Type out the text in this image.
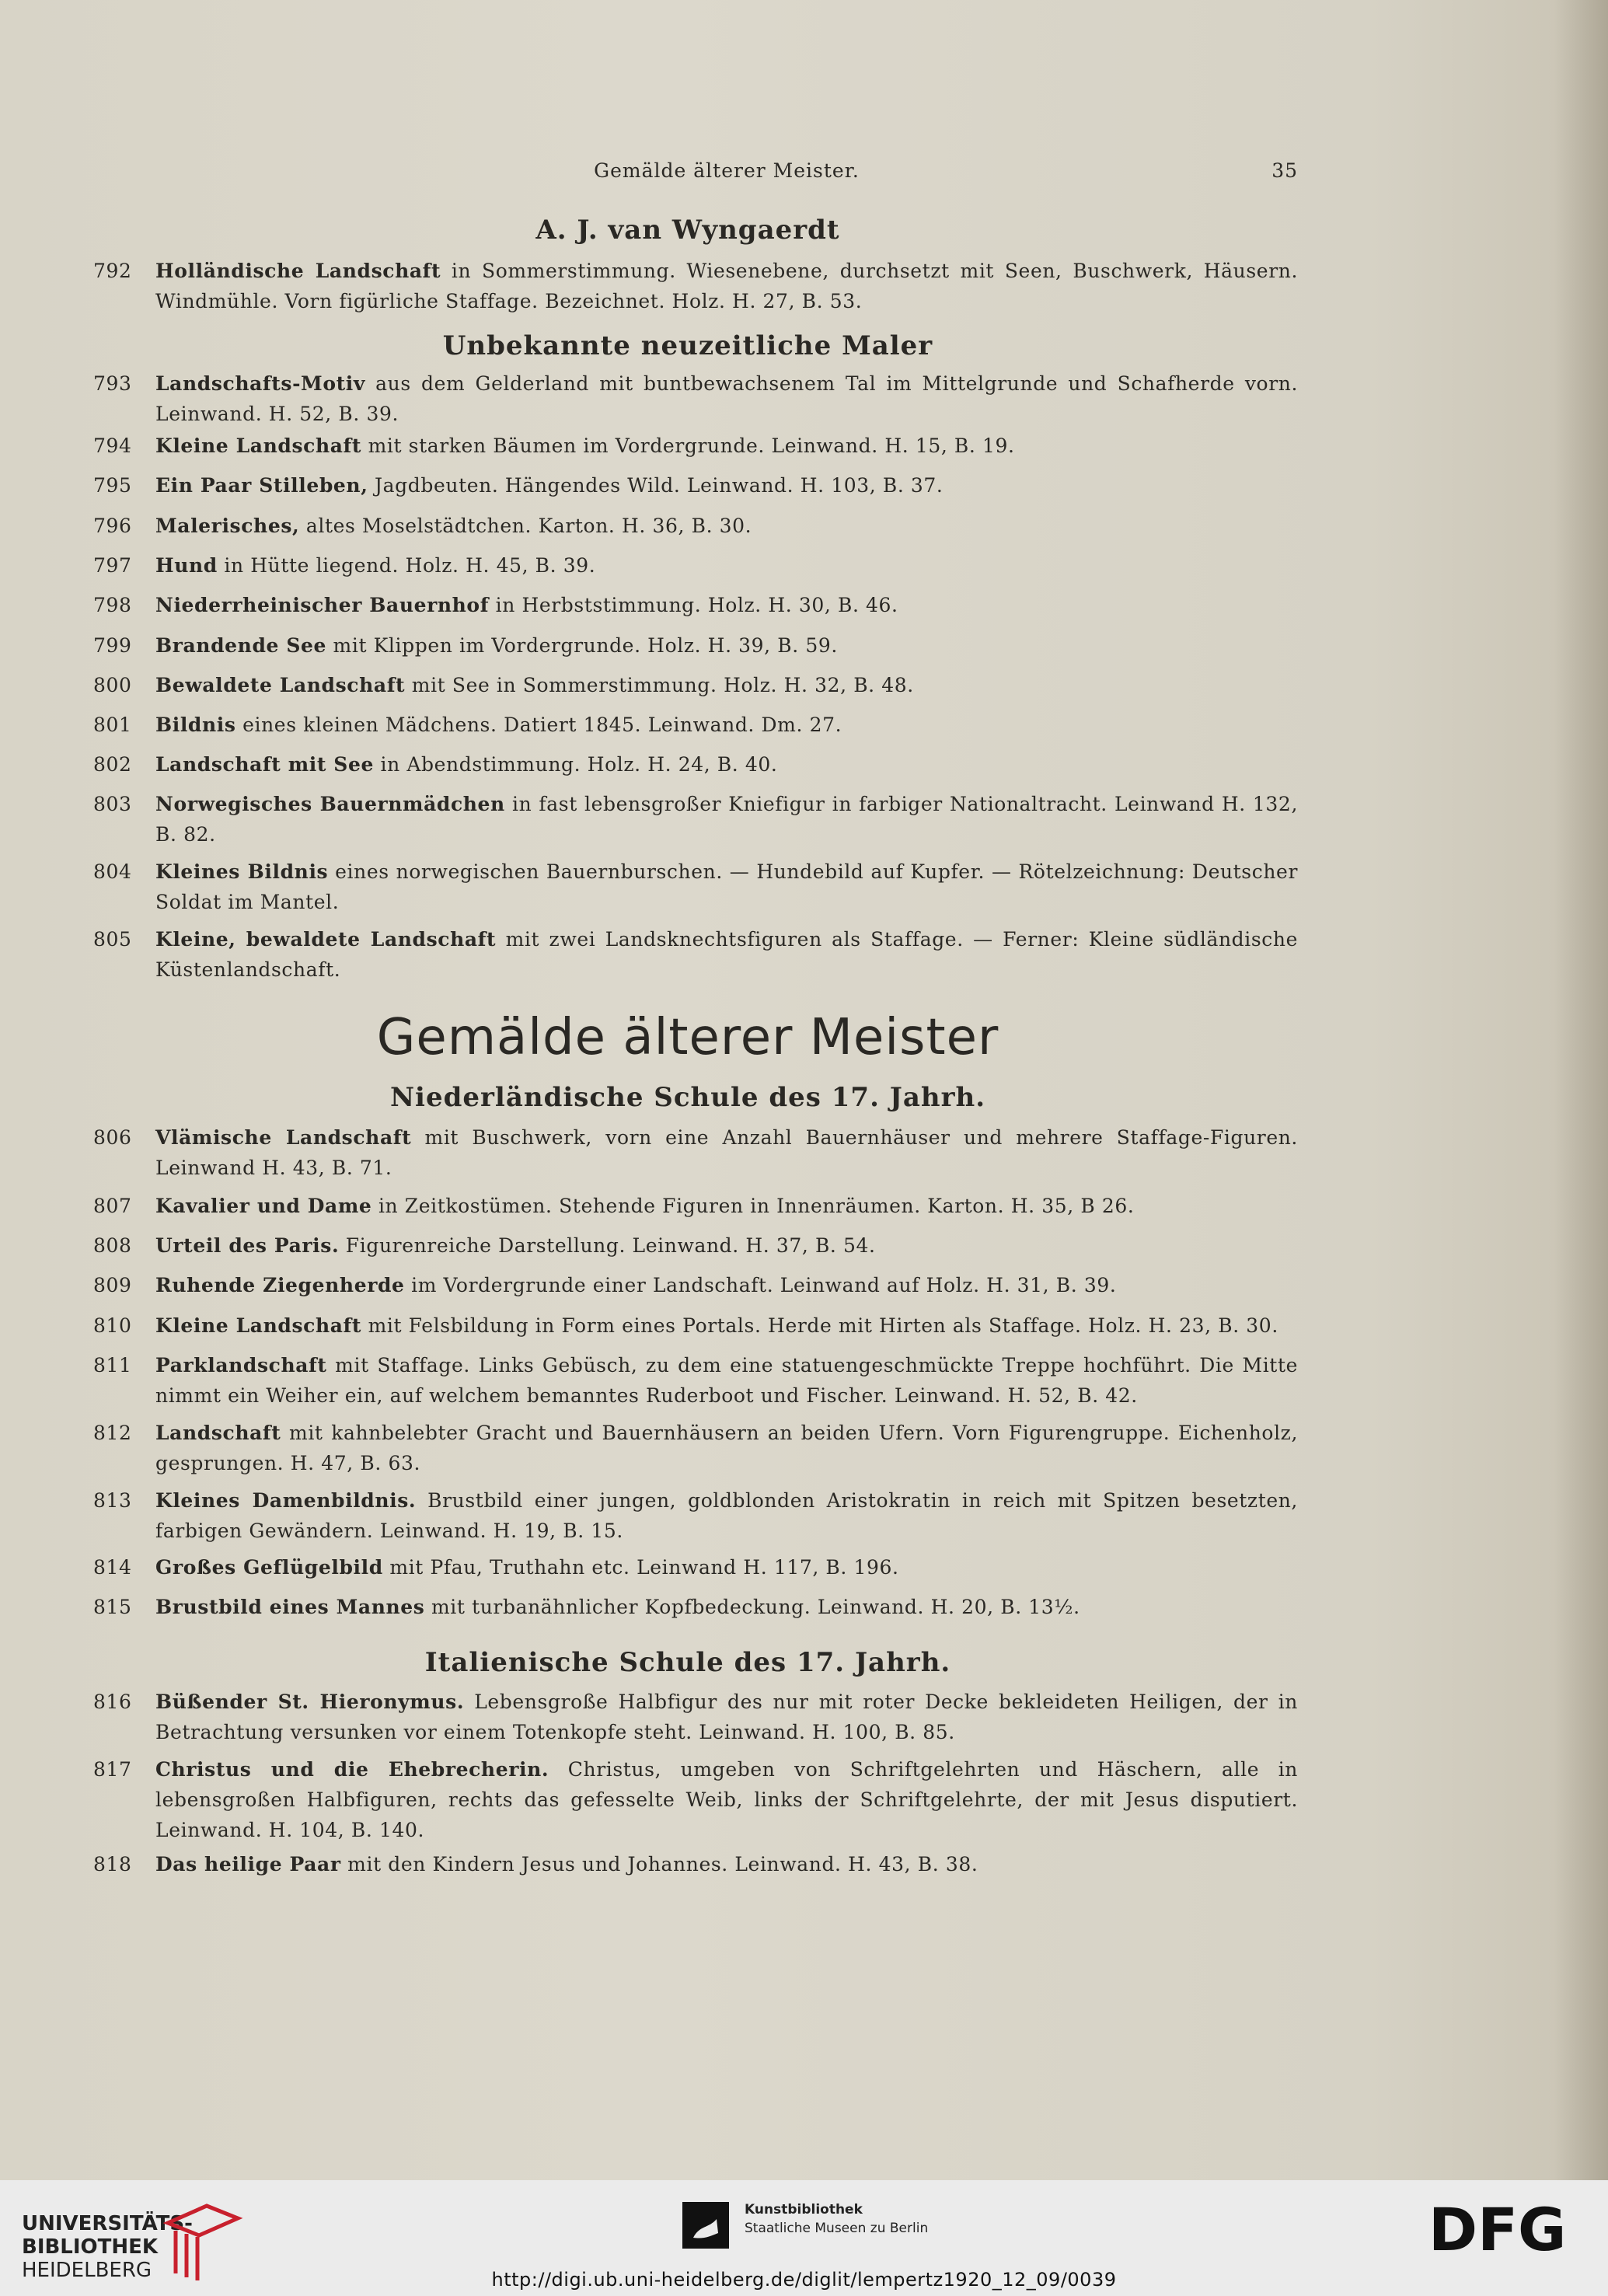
Gemälde älterer Meister.	35
A. J. van Wyngaerdt
792 Holländische Landschaft in Sommerstimmung. Wiesenebene, durchsetzt mit Seen, Buschwerk, Häusern. Windmühle. Vorn figürliche Staffage. Bezeichnet. Holz. H. 27, B. 53.
Unbekannte neuzeitliche Maler
793 Landschafts-Motiv aus dem Gelderland mit buntbewachsenem Tal im Mittelgrunde und Schafherde vorn. Leinwand. H. 52, B. 39.
794 Kleine Landschaft mit starken Bäumen im Vordergrunde. Leinwand. H. 15, B. 19.
795 Ein Paar Stilleben, Jagdbeuten. Hängendes Wild. Leinwand. H. 103, B. 37.
796 Malerisches, altes Moselstädtchen. Karton. H. 36, B. 30.
797 Hund in Hütte liegend. Holz. H. 45, B. 39.
798 Niederrheinischer Bauernhof in Herbststimmung. Holz. H. 30, B. 46.
799 Brandende See mit Klippen im Vordergrunde. Holz. H. 39, B. 59.
800 Bewaldete Landschaft mit See in Sommerstimmung. Holz. H. 32, B. 48.
801 Bildnis eines kleinen Mädchens. Datiert 1845. Leinwand. Dm. 27.
802 Landschaft mit See in Abendstimmung. Holz. H. 24, B. 40.
803 Norwegisches Bauernmädchen in fast lebensgroßer Kniefigur in farbiger Nationaltracht. Leinwand H. 132, B. 82.
804 Kleines Bildnis eines norwegischen Bauernburschen. — Hundebild auf Kupfer. — Rötelzeichnung: Deutscher Soldat im Mantel.
805 Kleine, bewaldete Landschaft mit zwei Landsknechtsfiguren als Staffage. — Ferner: Kleine südländische Küstenlandschaft.
Gemälde älterer Meister
Niederländische Schule des 17. Jahrh.
806 Vlämische Landschaft mit Buschwerk, vorn eine Anzahl Bauernhäuser und mehrere Staffage-Figuren. Leinwand H. 43, B. 71.
807 Kavalier und Dame in Zeitkostümen. Stehende Figuren in Innenräumen. Karton. H. 35, B 26.
808 Urteil des Paris. Figurenreiche Darstellung. Leinwand. H. 37, B. 54.
809 Ruhende Ziegenherde im Vordergrunde einer Landschaft. Leinwand auf Holz. H. 31, B. 39.
810 Kleine Landschaft mit Felsbildung in Form eines Portals. Herde mit Hirten als Staffage. Holz. H. 23, B. 30.
811 Parklandschaft mit Staffage. Links Gebüsch, zu dem eine statuengeschmückte Treppe hochführt. Die Mitte nimmt ein Weiher ein, auf welchem bemanntes Ruderboot und Fischer. Leinwand. H. 52, B. 42.
812 Landschaft mit kahnbelebter Gracht und Bauernhäusern an beiden Ufern. Vorn Figurengruppe. Eichenholz, gesprungen. H. 47, B. 63.
813 Kleines Damenbildnis. Brustbild einer jungen, goldblonden Aristokratin in reich mit Spitzen besetzten, farbigen Gewändern. Leinwand. H. 19, B. 15.
814 Großes Geflügelbild mit Pfau, Truthahn etc. Leinwand H. 117, B. 196.
815 Brustbild eines Mannes mit turbanähnlicher Kopfbedeckung. Leinwand. H. 20, B. 13½.
Italienische Schule des 17. Jahrh.
816 Büßender St. Hieronymus. Lebensgroße Halbfigur des nur mit roter Decke bekleideten Heiligen, der in Betrachtung versunken vor einem Totenkopfe steht. Leinwand. H. 100, B. 85.
817 Christus und die Ehebrecherin. Christus, umgeben von Schriftgelehrten und Häschern, alle in lebensgroßen Halbfiguren, rechts das gefesselte Weib, links der Schriftgelehrte, der mit Jesus disputiert. Leinwand. H. 104, B. 140.
818 Das heilige Paar mit den Kindern Jesus und Johannes. Leinwand. H. 43, B. 38.
UNIVERSITÄTS-
BIBLIOTHEK
HEIDELBERG
Kunstbibliothek
Staatliche Museen zu Berlin	DFG
http://digi.ub.uni-heidelberg.de/diglit/lempertz1920_12_09/0039
